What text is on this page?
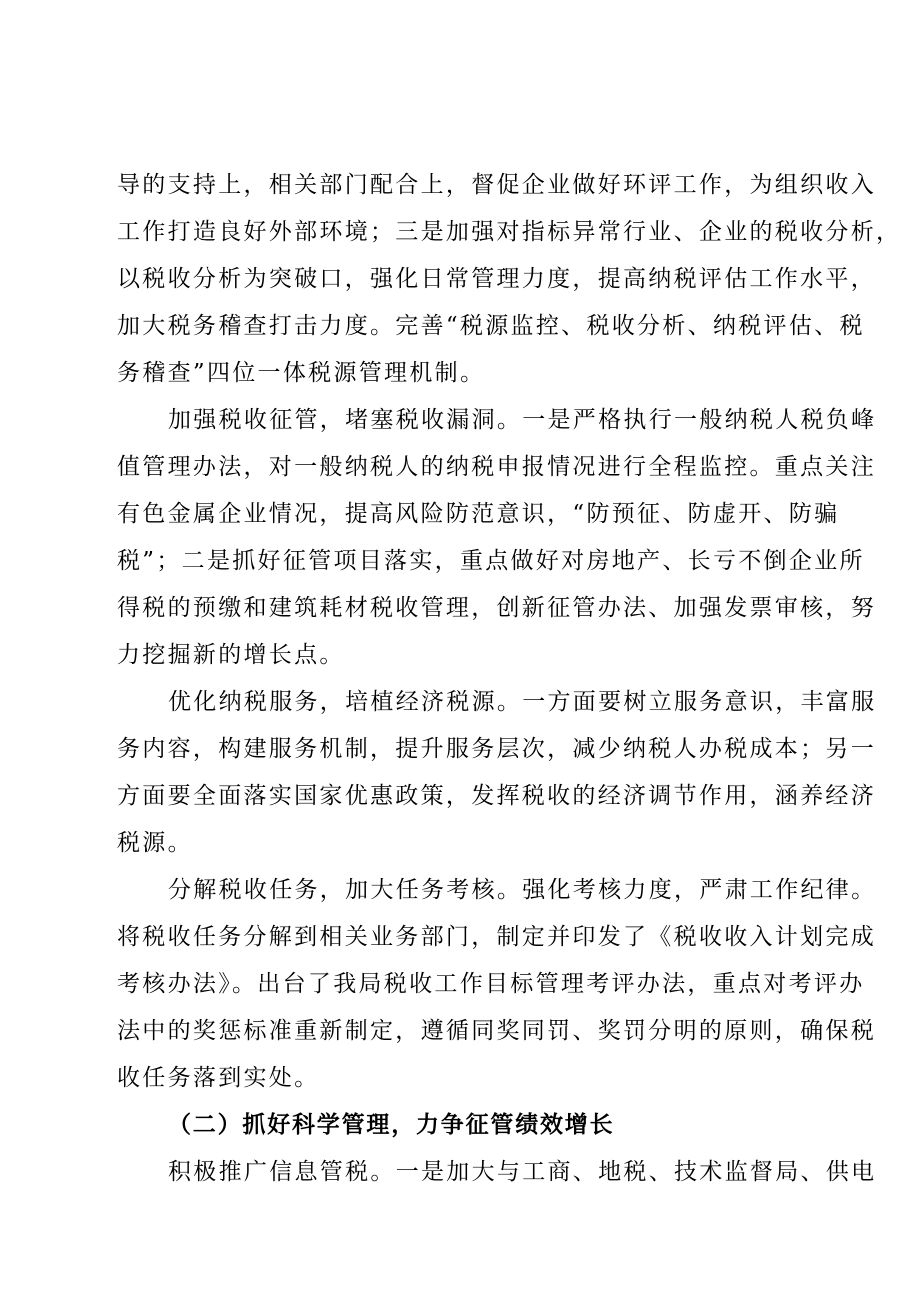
导的支持上，相关部门配合上，督促企业做好环评工作，为组织收入
工作打造良好外部环境；三是加强对指标异常行业、企业的税收分析，
以税收分析为突破口，强化日常管理力度，提高纳税评估工作水平，
加大税务稽查打击力度。完善“税源监控、税收分析、纳税评估、税
务稽查”四位一体税源管理机制。
加强税收征管，堵塞税收漏洞。一是严格执行一般纳税人税负峰
值管理办法，对一般纳税人的纳税申报情况进行全程监控。重点关注
有色金属企业情况，提高风险防范意识，“防预征、防虚开、防骗
税”；二是抓好征管项目落实，重点做好对房地产、长亏不倒企业所
得税的预缴和建筑耗材税收管理，创新征管办法、加强发票审核，努
力挖掘新的增长点。
优化纳税服务，培植经济税源。一方面要树立服务意识，丰富服
务内容，构建服务机制，提升服务层次，减少纳税人办税成本；另一
方面要全面落实国家优惠政策，发挥税收的经济调节作用，涵养经济
税源。
分解税收任务，加大任务考核。强化考核力度，严肃工作纪律。
将税收任务分解到相关业务部门，制定并印发了《税收收入计划完成
考核办法》。出台了我局税收工作目标管理考评办法，重点对考评办
法中的奖惩标准重新制定，遵循同奖同罚、奖罚分明的原则，确保税
收任务落到实处。
（二）抓好科学管理，力争征管绩效增长
积极推广信息管税。一是加大与工商、地税、技术监督局、供电
